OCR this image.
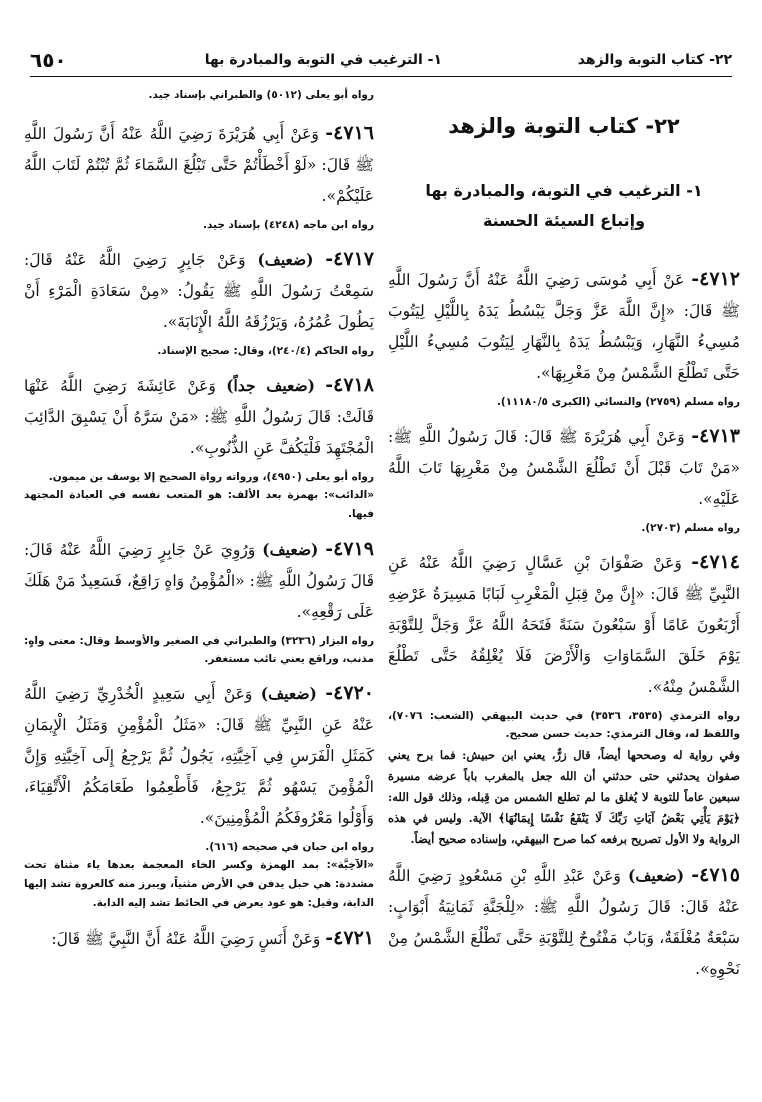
٢٢- كتاب التوبة والزهد
١- الترغيب في التوبة والمبادرة بها
٦٥٠
٢٢- كتاب التوبة والزهد
١- الترغيب في التوبة، والمبادرة بها
وإتباع السيئة الحسنة

٤٧١٢- عَنْ أَبِي مُوسَى رَضِيَ اللَّهُ عَنْهُ أَنَّ رَسُولَ اللَّهِ ﷺ قَالَ: «إِنَّ اللَّهَ عَزَّ وَجَلَّ يَبْسُطُ يَدَهُ بِاللَّيْلِ لِيَتُوبَ مُسِيءُ النَّهَارِ، وَيَبْسُطُ يَدَهُ بِالنَّهَارِ لِيَتُوبَ مُسِيءُ اللَّيْلِ حَتَّى تَطْلُعَ الشَّمْسُ مِنْ مَغْرِبِهَا».

رواه مسلم (٢٧٥٩) والنسائي (الكبرى ١١١٨٠/٥).

٤٧١٣- وَعَنْ أَبِي هُرَيْرَةَ ﷺ قَالَ: قَالَ رَسُولُ اللَّهِ ﷺ: «مَنْ تَابَ قَبْلَ أَنْ تَطْلُعَ الشَّمْسُ مِنْ مَغْرِبِهَا تَابَ اللَّهُ عَلَيْهِ».

رواه مسلم (٢٧٠٣).

٤٧١٤- وَعَنْ صَفْوَانَ بْنِ عَسَّالٍ رَضِيَ اللَّهُ عَنْهُ عَنِ النَّبِيِّ ﷺ قَالَ: «إِنَّ مِنْ قِبَلِ الْمَغْرِبِ لَبَابًا مَسِيرَةُ عَرْضِهِ أَرْبَعُونَ عَامًا أَوْ سَبْعُونَ سَنَةً فَتَحَهُ اللَّهُ عَزَّ وَجَلَّ لِلتَّوْبَةِ يَوْمَ خَلَقَ السَّمَاوَاتِ وَالْأَرْضَ فَلَا يُغْلِقُهُ حَتَّى تَطْلُعَ الشَّمْسُ مِنْهُ».

رواه الترمذي (٣٥٣٥، ٣٥٣٦) في حديث البيهقي (الشعب: ٧٠٧٦)، واللفظ له، وقال الترمذي: حديث حسن صحيح.

وفي رواية له وصححها أيضاً، قال زرٌّ، يعني ابن حبيش: فما برح يعني صفوان يحدثني حتى حدثني أن الله جعل بالمغرب باباً عرضه مسيرة سبعين عاماً للتوبة لا يُغلق ما لم تطلع الشمس من قِبله، وذلك قول الله: ﴿يَوْمَ يَأْتِي بَعْضُ آيَاتِ رَبِّكَ لَا يَنْفَعُ نَفْسًا إِيمَانُهَا﴾ الآية. وليس في هذه الرواية ولا الأول تصريح برفعه كما صرح البيهقي، وإسناده صحيح أيضاً.

٤٧١٥- (ضعيف) وَعَنْ عَبْدِ اللَّهِ بْنِ مَسْعُودٍ رَضِيَ اللَّهُ عَنْهُ قَالَ: قَالَ رَسُولُ اللَّهِ ﷺ: «لِلْجَنَّةِ ثَمَانِيَةُ أَبْوَابٍ: سَبْعَةٌ مُغْلَقَةٌ، وَبَابٌ مَفْتُوحٌ لِلتَّوْبَةِ حَتَّى تَطْلُعَ الشَّمْسُ مِنْ نَحْوِهِ».

رواه أبو يعلى (٥٠١٢) والطبراني بإسناد جيد.

٤٧١٦- وَعَنْ أَبِي هُرَيْرَةَ رَضِيَ اللَّهُ عَنْهُ أَنَّ رَسُولَ اللَّهِ ﷺ قَالَ: «لَوْ أَخْطَأْتُمْ حَتَّى تَبْلُغَ السَّمَاءَ ثُمَّ تُبْتُمْ لَتَابَ اللَّهُ عَلَيْكُمْ».

رواه ابن ماجه (٤٢٤٨) بإسناد جيد.

٤٧١٧- (ضعيف) وَعَنْ جَابِرٍ رَضِيَ اللَّهُ عَنْهُ قَالَ: سَمِعْتُ رَسُولَ اللَّهِ ﷺ يَقُولُ: «مِنْ سَعَادَةِ الْمَرْءِ أَنْ يَطُولَ عُمُرُهُ، وَيَرْزُقَهُ اللَّهُ الْإِنَابَةَ».

رواه الحاكم (٢٤٠/٤)، وقال: صحيح الإسناد.

٤٧١٨- (ضعيف جداً) وَعَنْ عَائِشَةَ رَضِيَ اللَّهُ عَنْهَا قَالَتْ: قَالَ رَسُولُ اللَّهِ ﷺ: «مَنْ سَرَّهُ أَنْ يَسْبِقَ الدَّائِبَ الْمُجْتَهِدَ فَلْيَكُفَّ عَنِ الذُّنُوبِ».

رواه أبو يعلى (٤٩٥٠)، ورواته رواة الصحيح إلا يوسف بن ميمون.

«الدائب»: بهمزة بعد الألف: هو المتعب نفسه في العبادة المجتهد فيها.

٤٧١٩- (ضعيف) وَرُوِيَ عَنْ جَابِرٍ رَضِيَ اللَّهُ عَنْهُ قَالَ: قَالَ رَسُولُ اللَّهِ ﷺ: «الْمُؤْمِنُ وَاهٍ رَاقِعٌ، فَسَعِيدٌ مَنْ هَلَكَ عَلَى رَقْعِهِ».

رواه البزار (٣٢٣٦) والطبراني في الصغير والأوسط وقال: معنى واهٍ: مذنب، وراقع يعني تائب مستغفر.

٤٧٢٠- (ضعيف) وَعَنْ أَبِي سَعِيدٍ الْخُدْرِيِّ رَضِيَ اللَّهُ عَنْهُ عَنِ النَّبِيِّ ﷺ قَالَ: «مَثَلُ الْمُؤْمِنِ وَمَثَلُ الْإِيمَانِ كَمَثَلِ الْفَرَسِ فِي آخِيَّتِهِ، يَجُولُ ثُمَّ يَرْجِعُ إِلَى آخِيَّتِهِ وَإِنَّ الْمُؤْمِنَ يَسْهُو ثُمَّ يَرْجِعُ، فَأَطْعِمُوا طَعَامَكُمُ الْأَتْقِيَاءَ، وَأَوْلُوا مَعْرُوفَكُمُ الْمُؤْمِنِينَ».

رواه ابن حبان في صحيحه (٦١٦).

«الآخِيَّة»: بمد الهمزة وكسر الخاء المعجمة بعدها ياء مثناة تحت مشددة: هي حبل يدفن في الأرض مثنياً، ويبرز منه كالعروة تشد إليها الدابة، وقيل: هو عود يعرض في الحائط تشد إليه الدابة.

٤٧٢١- وَعَنْ أَنَسٍ رَضِيَ اللَّهُ عَنْهُ أَنَّ النَّبِيَّ ﷺ قَالَ:
